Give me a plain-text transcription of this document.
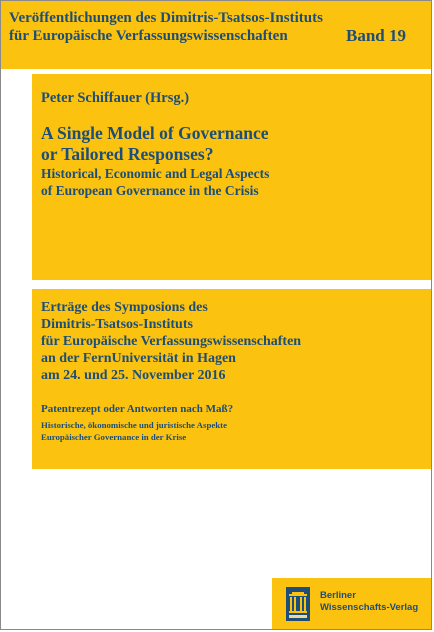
Veröffentlichungen des Dimitris-Tsatsos-Instituts
für Europäische Verfassungswissenschaften	Band 19
Peter Schiffauer (Hrsg.)
A Single Model of Governance
or Tailored Responses?
Historical, Economic and Legal Aspects
of European Governance in the Crisis
Erträge des Symposions des
Dimitris-Tsatsos-Instituts
für Europäische Verfassungswissenschaften
an der FernUniversität in Hagen
am 24. und 25. November 2016
Patentrezept oder Antworten nach Maß?
Historische, ökonomische und juristische Aspekte
Europäischer Governance in der Krise
Berliner
Wissenschafts-Verlag
